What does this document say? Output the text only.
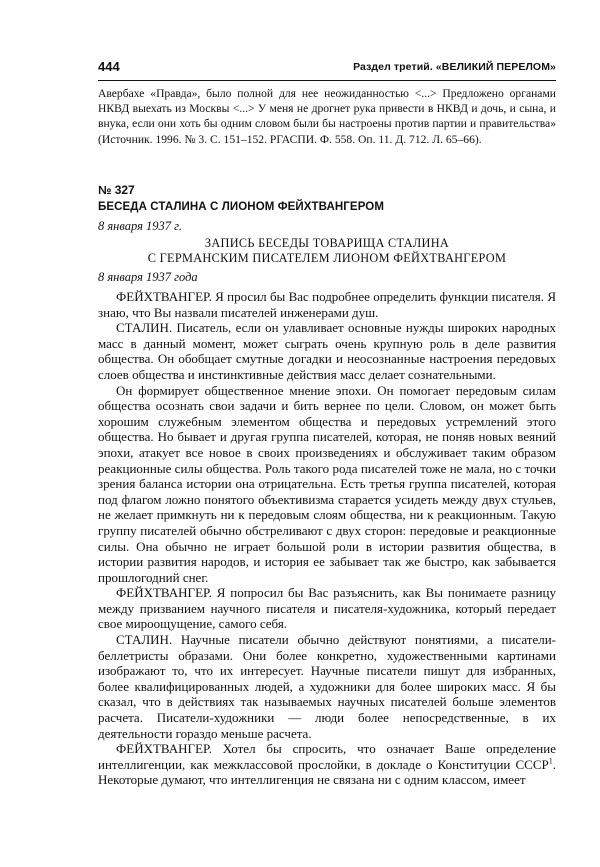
444	Раздел третий. «ВЕЛИКИЙ ПЕРЕЛОМ»
Авербахе «Правда», было полной для нее неожиданностью <...> Предложено органами НКВД выехать из Москвы <...> У меня не дрогнет рука привести в НКВД и дочь, и сына, и внука, если они хоть бы одним словом были бы настроены против партии и правительства» (Источник. 1996. № 3. С. 151–152. РГАСПИ. Ф. 558. Оп. 11. Д. 712. Л. 65–66).
№ 327
БЕСЕДА СТАЛИНА С ЛИОНОМ ФЕЙХТВАНГЕРОМ
8 января 1937 г.
ЗАПИСЬ БЕСЕДЫ ТОВАРИЩА СТАЛИНА
С ГЕРМАНСКИМ ПИСАТЕЛЕМ ЛИОНОМ ФЕЙХТВАНГЕРОМ
8 января 1937 года

ФЕЙХТВАНГЕР. Я просил бы Вас подробнее определить функции писателя. Я знаю, что Вы назвали писателей инженерами душ.

СТАЛИН. Писатель, если он улавливает основные нужды широких народных масс в данный момент, может сыграть очень крупную роль в деле развития общества. Он обобщает смутные догадки и неосознанные настроения передовых слоев общества и инстинктивные действия масс делает сознательными.

Он формирует общественное мнение эпохи. Он помогает передовым силам общества осознать свои задачи и бить вернее по цели. Словом, он может быть хорошим служебным элементом общества и передовых устремлений этого общества. Но бывает и другая группа писателей, которая, не поняв новых веяний эпохи, атакует все новое в своих произведениях и обслуживает таким образом реакционные силы общества. Роль такого рода писателей тоже не мала, но с точки зрения баланса истории она отрицательна. Есть третья группа писателей, которая под флагом ложно понятого объективизма старается усидеть между двух стульев, не желает примкнуть ни к передовым слоям общества, ни к реакционным. Такую группу писателей обычно обстреливают с двух сторон: передовые и реакционные силы. Она обычно не играет большой роли в истории развития общества, в истории развития народов, и история ее забывает так же быстро, как забывается прошлогодний снег.

ФЕЙХТВАНГЕР. Я попросил бы Вас разъяснить, как Вы понимаете разницу между призванием научного писателя и писателя-художника, который передает свое мироощущение, самого себя.

СТАЛИН. Научные писатели обычно действуют понятиями, а писатели-беллетристы образами. Они более конкретно, художественными картинами изображают то, что их интересует. Научные писатели пишут для избранных, более квалифицированных людей, а художники для более широких масс. Я бы сказал, что в действиях так называемых научных писателей больше элементов расчета. Писатели-художники — люди более непосредственные, в их деятельности гораздо меньше расчета.

ФЕЙХТВАНГЕР. Хотел бы спросить, что означает Ваше определение интеллигенции, как межклассовой прослойки, в докладе о Конституции СССР$^1$. Некоторые думают, что интеллигенция не связана ни с одним классом, имеет
